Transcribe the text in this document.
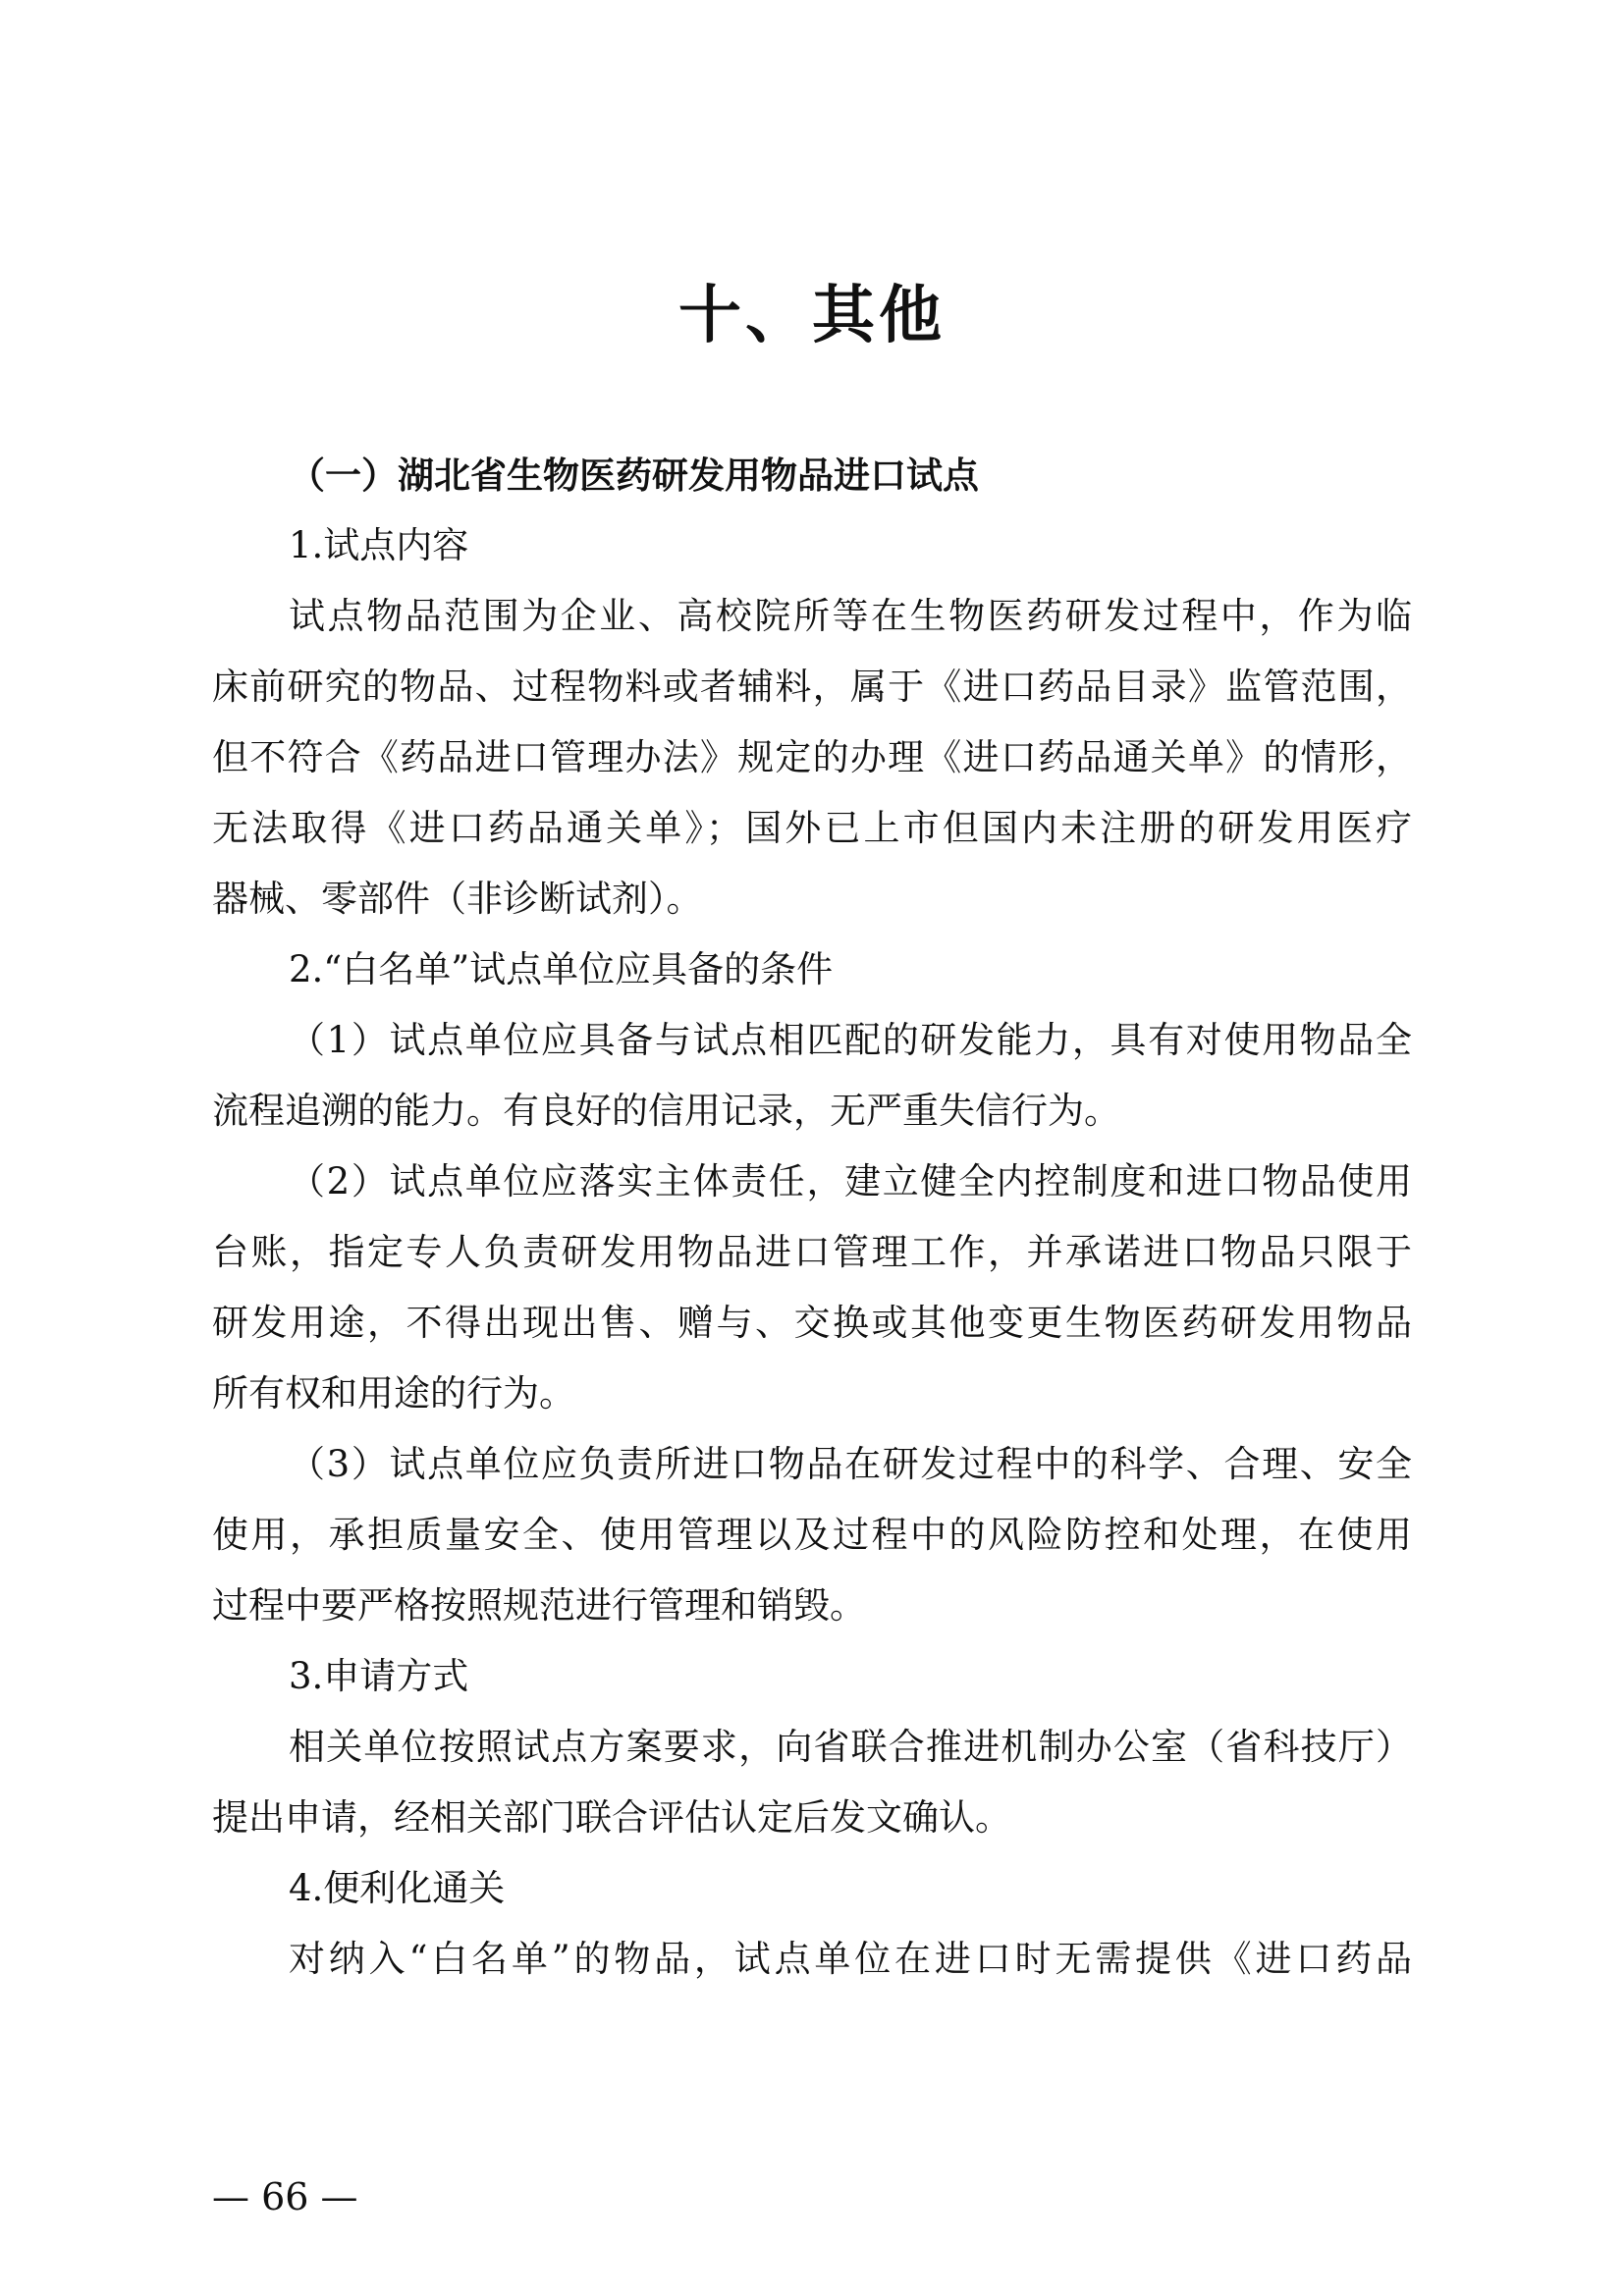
十、其他
（一）湖北省生物医药研发用物品进口试点
1.试点内容
试点物品范围为企业、高校院所等在生物医药研发过程中，作为临
床前研究的物品、过程物料或者辅料，属于《进口药品目录》监管范围，
但不符合《药品进口管理办法》规定的办理《进口药品通关单》的情形，
无法取得《进口药品通关单》；国外已上市但国内未注册的研发用医疗
器械、零部件（非诊断试剂）。
2.“白名单”试点单位应具备的条件
（1）试点单位应具备与试点相匹配的研发能力，具有对使用物品全
流程追溯的能力。有良好的信用记录，无严重失信行为。
（2）试点单位应落实主体责任，建立健全内控制度和进口物品使用
台账，指定专人负责研发用物品进口管理工作，并承诺进口物品只限于
研发用途，不得出现出售、赠与、交换或其他变更生物医药研发用物品
所有权和用途的行为。
（3）试点单位应负责所进口物品在研发过程中的科学、合理、安全
使用，承担质量安全、使用管理以及过程中的风险防控和处理，在使用
过程中要严格按照规范进行管理和销毁。
3.申请方式
相关单位按照试点方案要求，向省联合推进机制办公室（省科技厅）
提出申请，经相关部门联合评估认定后发文确认。
4.便利化通关
对纳入“白名单”的物品，试点单位在进口时无需提供《进口药品
— 66 —
